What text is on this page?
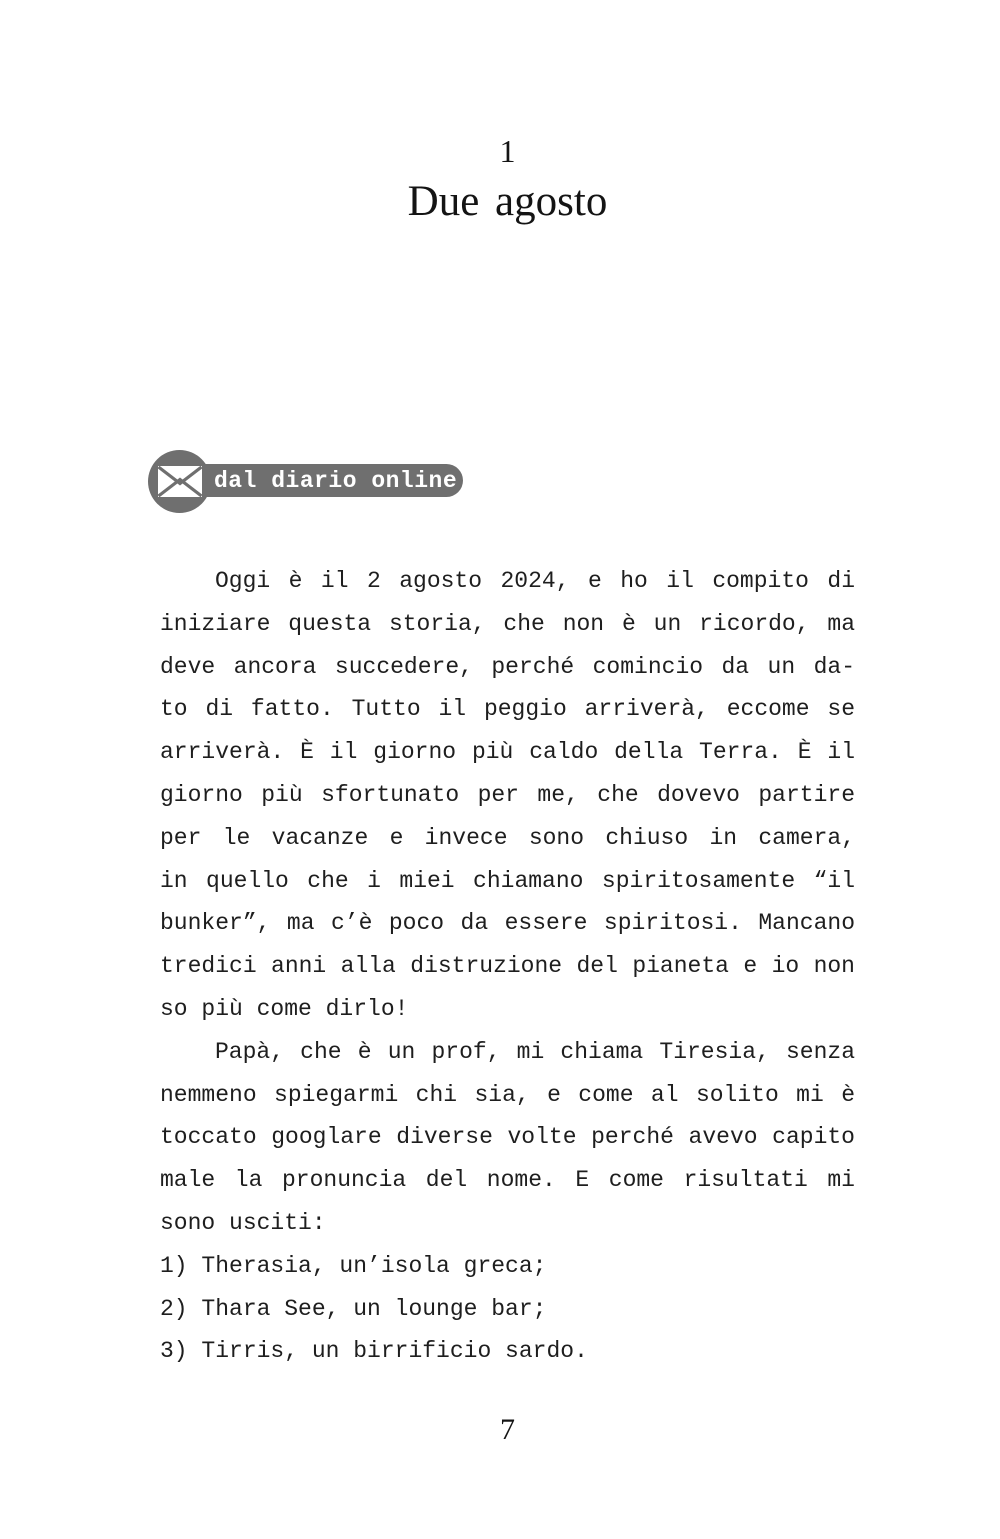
1
Due agosto
dal diario online
Oggi è il 2 agosto 2024, e ho il compito di
iniziare questa storia, che non è un ricordo, ma
deve ancora succedere, perché comincio da un da-
to di fatto. Tutto il peggio arriverà, eccome se
arriverà. È il giorno più caldo della Terra. È il
giorno più sfortunato per me, che dovevo partire
per le vacanze e invece sono chiuso in camera,
in quello che i miei chiamano spiritosamente “il
bunker”, ma c’è poco da essere spiritosi. Mancano
tredici anni alla distruzione del pianeta e io non
so più come dirlo!
Papà, che è un prof, mi chiama Tiresia, senza
nemmeno spiegarmi chi sia, e come al solito mi è
toccato googlare diverse volte perché avevo capito
male la pronuncia del nome. E come risultati mi
sono usciti:
1) Therasia, un’isola greca;
2) Thara See, un lounge bar;
3) Tirris, un birrificio sardo.
7
